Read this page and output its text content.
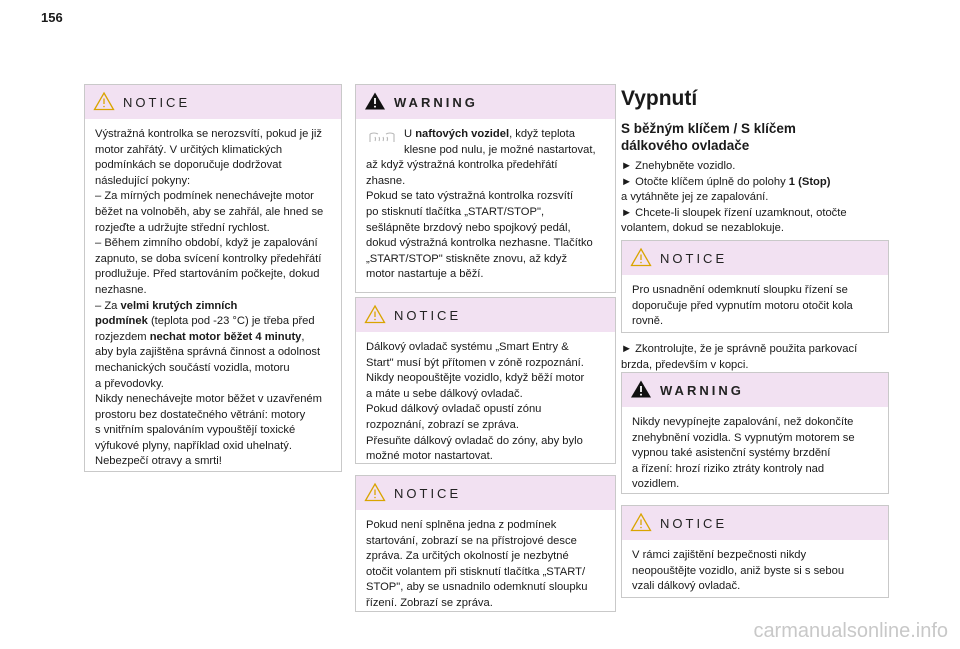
156
NOTICE

Výstražná kontrolka se nerozsvítí, pokud je již

motor zahřátý. V určitých klimatických

podmínkách se doporučuje dodržovat

následující pokyny:

– Za mírných podmínek nenechávejte motor

běžet na volnoběh, aby se zahřál, ale hned se

rozjeďte a udržujte střední rychlost.

– Během zimního období, když je zapalování

zapnuto, se doba svícení kontrolky předehřátí

prodlužuje. Před startováním počkejte, dokud

nezhasne.

– Za velmi krutých zimních

podmínek (teplota pod -23 °C) je třeba před

rozjezdem nechat motor běžet 4 minuty,

aby byla zajištěna správná činnost a odolnost

mechanických součástí vozidla, motoru

a převodovky.

Nikdy nenechávejte motor běžet v uzavřeném

prostoru bez dostatečného větrání: motory

s vnitřním spalováním vypouštějí toxické

výfukové plyny, například oxid uhelnatý.

Nebezpečí otravy a smrti!

WARNING

U naftových vozidel, když teplota

klesne pod nulu, je možné nastartovat,

až když výstražná kontrolka předehřátí

zhasne.

Pokud se tato výstražná kontrolka rozsvítí

po stisknutí tlačítka „START/STOP",

sešlápněte brzdový nebo spojkový pedál,

dokud výstražná kontrolka nezhasne. Tlačítko

„START/STOP" stiskněte znovu, až když

motor nastartuje a běží.

NOTICE

Dálkový ovladač systému „Smart Entry &

Start" musí být přítomen v zóně rozpoznání.

Nikdy neopouštějte vozidlo, když běží motor

a máte u sebe dálkový ovladač.

Pokud dálkový ovladač opustí zónu

rozpoznání, zobrazí se zpráva.

Přesuňte dálkový ovladač do zóny, aby bylo

možné motor nastartovat.

NOTICE

Pokud není splněna jedna z podmínek

startování, zobrazí se na přístrojové desce

zpráva. Za určitých okolností je nezbytné

otočit volantem při stisknutí tlačítka „START/

STOP", aby se usnadnilo odemknutí sloupku

řízení. Zobrazí se zpráva.

Vypnutí
S běžným klíčem / S klíčem
dálkového ovladače

► Znehybněte vozidlo.

► Otočte klíčem úplně do polohy 1 (Stop)

a vytáhněte jej ze zapalování.

► Chcete-li sloupek řízení uzamknout, otočte

volantem, dokud se nezablokuje.

NOTICE

Pro usnadnění odemknutí sloupku řízení se

doporučuje před vypnutím motoru otočit kola

rovně.

► Zkontrolujte, že je správně použita parkovací

brzda, především v kopci.

WARNING

Nikdy nevypínejte zapalování, než dokončíte

znehybnění vozidla. S vypnutým motorem se

vypnou také asistenční systémy brzdění

a řízení: hrozí riziko ztráty kontroly nad

vozidlem.

NOTICE

V rámci zajištění bezpečnosti nikdy

neopouštějte vozidlo, aniž byste si s sebou

vzali dálkový ovladač.

carmanualsonline.info
